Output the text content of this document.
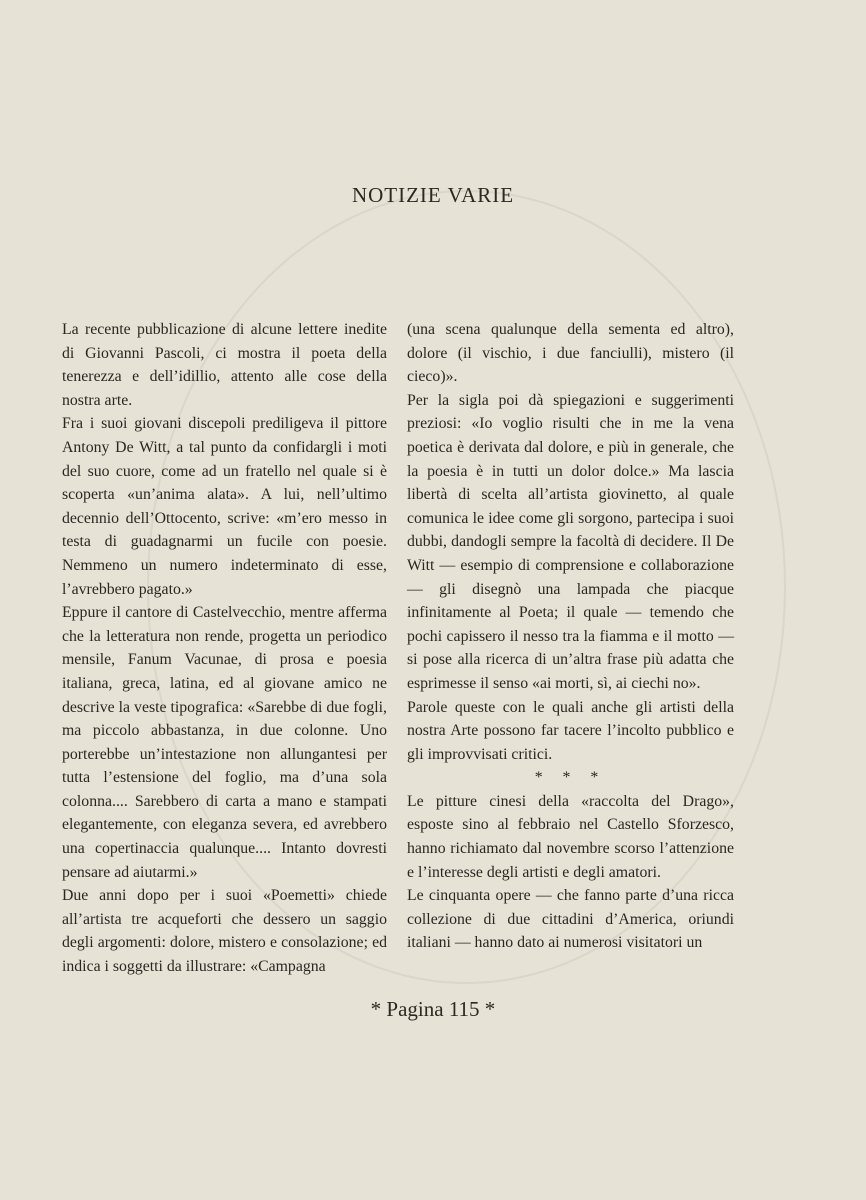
NOTIZIE VARIE

La recente pubblicazione di alcune lettere inedite di Giovanni Pascoli, ci mostra il poeta della tenerezza e dell’idillio, attento alle cose della nostra arte.

Fra i suoi giovani discepoli prediligeva il pittore Antony De Witt, a tal punto da confidargli i moti del suo cuore, come ad un fratello nel quale si è scoperta «un’anima alata». A lui, nell’ultimo decennio dell’Ottocento, scrive: «m’ero messo in testa di guadagnarmi un fucile con poesie. Nemmeno un numero indeterminato di esse, l’avrebbero pagato.»

Eppure il cantore di Castelvecchio, mentre afferma che la letteratura non rende, progetta un periodico mensile, Fanum Vacunae, di prosa e poesia italiana, greca, latina, ed al giovane amico ne descrive la veste tipografica: «Sarebbe di due fogli, ma piccolo abbastanza, in due colonne. Uno porterebbe un’intestazione non allungantesi per tutta l’estensione del foglio, ma d’una sola colonna.... Sarebbero di carta a mano e stampati elegantemente, con eleganza severa, ed avrebbero una copertinaccia qualunque.... Intanto dovresti pensare ad aiutarmi.»

Due anni dopo per i suoi «Poemetti» chiede all’artista tre acqueforti che dessero un saggio degli argomenti: dolore, mistero e consolazione; ed indica i soggetti da illustrare: «Campagna

(una scena qualunque della sementa ed altro), dolore (il vischio, i due fanciulli), mistero (il cieco)».

Per la sigla poi dà spiegazioni e suggerimenti preziosi: «Io voglio risulti che in me la vena poetica è derivata dal dolore, e più in generale, che la poesia è in tutti un dolor dolce.» Ma lascia libertà di scelta all’artista giovinetto, al quale comunica le idee come gli sorgono, partecipa i suoi dubbi, dandogli sempre la facoltà di decidere. Il De Witt — esempio di comprensione e collaborazione — gli disegnò una lampada che piacque infinitamente al Poeta; il quale — temendo che pochi capissero il nesso tra la fiamma e il motto — si pose alla ricerca di un’altra frase più adatta che esprimesse il senso «ai morti, sì, ai ciechi no».

Parole queste con le quali anche gli artisti della nostra Arte possono far tacere l’incolto pubblico e gli improvvisati critici.

* * *

Le pitture cinesi della «raccolta del Drago», esposte sino al febbraio nel Castello Sforzesco, hanno richiamato dal novembre scorso l’attenzione e l’interesse degli artisti e degli amatori.

Le cinquanta opere — che fanno parte d’una ricca collezione di due cittadini d’America, oriundi italiani — hanno dato ai numerosi visitatori un

* Pagina 115 *
